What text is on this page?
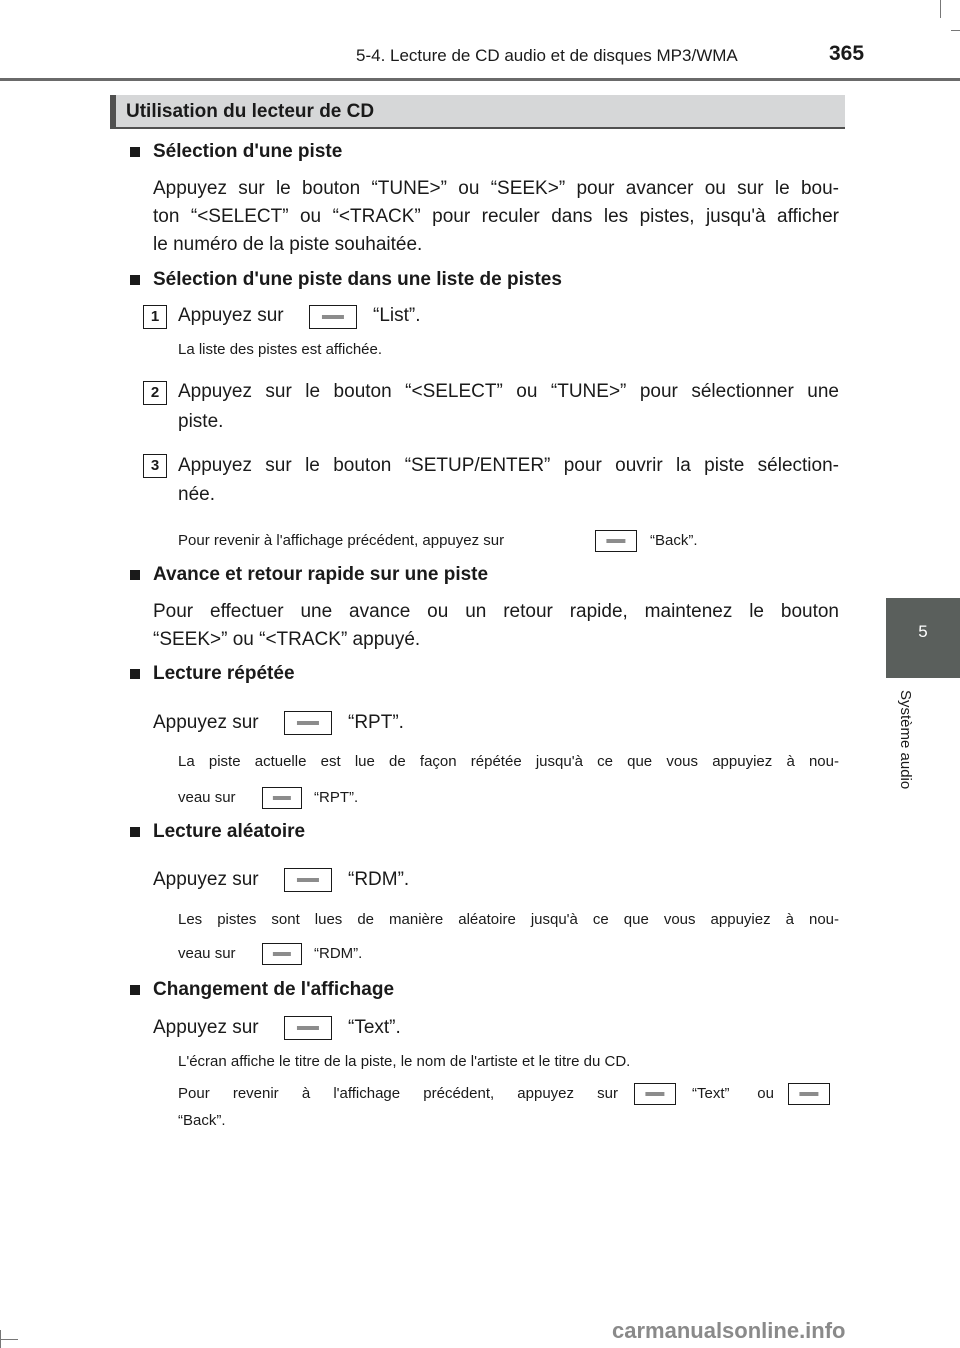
5-4. Lecture de CD audio et de disques MP3/WMA	365
5
Système audio
Utilisation du lecteur de CD
Sélection d'une piste
Appuyez sur le bouton “TUNE>” ou “SEEK>” pour avancer ou sur le bou-
ton “<SELECT” ou “<TRACK” pour reculer dans les pistes, jusqu'à afficher
le numéro de la piste souhaitée.
Sélection d'une piste dans une liste de pistes
1 Appuyez sur	“List”.
La liste des pistes est affichée.
2 Appuyez sur le bouton “<SELECT” ou “TUNE>” pour sélectionner une
piste.
3 Appuyez sur le bouton “SETUP/ENTER” pour ouvrir la piste sélection-
née.
Pour revenir à l'affichage précédent, appuyez sur	“Back”.
Avance et retour rapide sur une piste
Pour effectuer une avance ou un retour rapide, maintenez le bouton
“SEEK>” ou “<TRACK” appuyé.
Lecture répétée
Appuyez sur	“RPT”.
La piste actuelle est lue de façon répétée jusqu'à ce que vous appuyiez à nou-
veau sur	“RPT”.
Lecture aléatoire
Appuyez sur	“RDM”.
Les pistes sont lues de manière aléatoire jusqu'à ce que vous appuyiez à nou-
veau sur	“RDM”.
Changement de l'affichage
Appuyez sur	“Text”.
L'écran affiche le titre de la piste, le nom de l'artiste et le titre du CD.
Pour revenir à l'affichage précédent, appuyez sur	“Text” ou
“Back”.
carmanualsonline.info
